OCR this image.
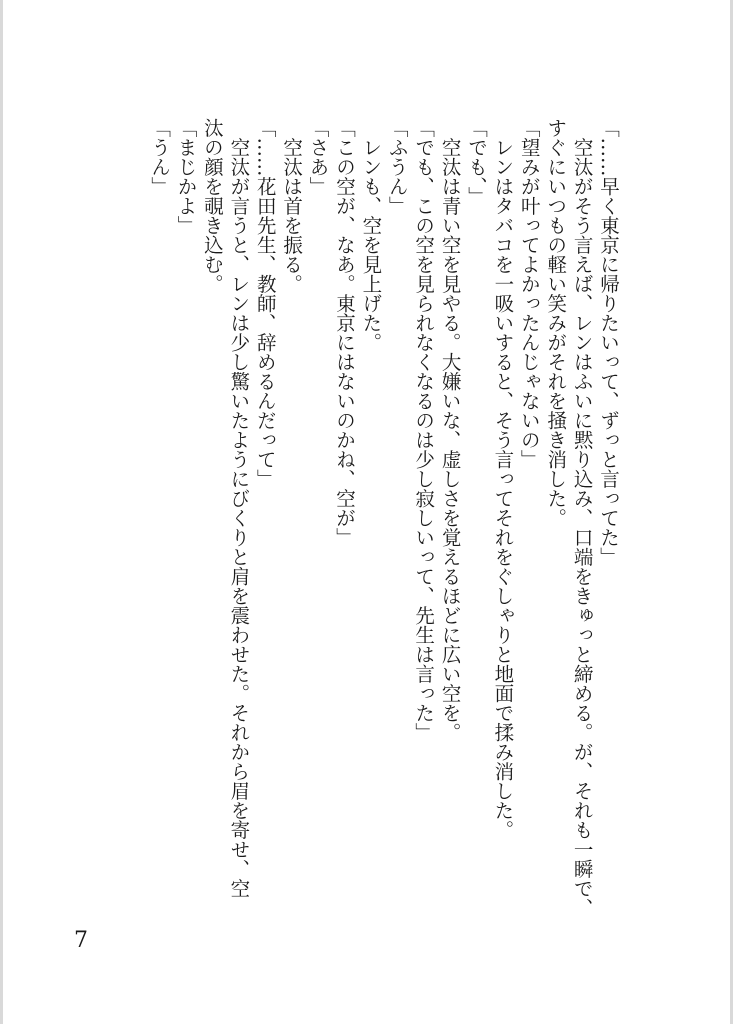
「……早く東京に帰りたいって、ずっと言ってた」
　空汰がそう言えば、レンはふいに黙り込み、口端をきゅっと締める。が、それも一瞬で、
すぐにいつもの軽い笑みがそれを掻き消した。
「望みが叶ってよかったんじゃないの」
　レンはタバコを一吸いすると、そう言ってそれをぐしゃりと地面で揉み消した。
「でも、」
　空汰は青い空を見やる。大嫌いな、虚しさを覚えるほどに広い空を。
「でも、この空を見られなくなるのは少し寂しいって、先生は言った」
「ふうん」
　レンも、空を見上げた。
「この空が、なあ。東京にはないのかね、空が」
「さあ」
　空汰は首を振る。
「……花田先生、教師、辞めるんだって」
　空汰が言うと、レンは少し驚いたようにびくりと肩を震わせた。それから眉を寄せ、空
汰の顔を覗き込む。
「まじかよ」
「うん」
7
